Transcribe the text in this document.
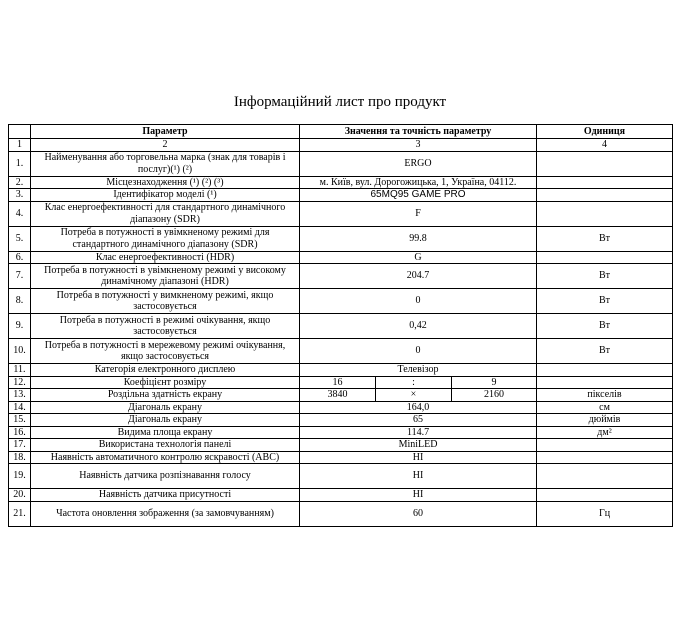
Інформаційний лист про продукт
	Параметр	Значення та точність параметру			Одиниця
1	2	3			4
1.	Найменування або торговельна марка (знак для товарів і послуг)(¹) (²)	ERGO			
2.	Місцезнаходження (¹) (²) (³)	м. Київ, вул. Дорогожицька, 1, Україна, 04112.			
3.	Ідентифікатор моделі (¹)	65MQ95 GAME PRO			
4.	Клас енергоефективності для стандартного динамічного діапазону (SDR)	F			
5.	Потреба в потужності в увімкненому режимі для стандартного динамічного діапазону (SDR)	99.8			Вт
6.	Клас енергоефективності (HDR)	G			
7.	Потреба в потужності в увімкненому режимі у високому динамічному діапазоні (HDR)	204.7			Вт
8.	Потреба в потужності у вимкненому режимі, якщо застосовується	0			Вт
9.	Потреба в потужності в режимі очікування, якщо застосовується	0,42			Вт
10.	Потреба в потужності в мережевому режимі очікування, якщо застосовується	0			Вт
11.	Категорія електронного дисплею	Телевізор			
12.	Коефіцієнт розміру	16	:	9	
13.	Роздільна здатність екрану	3840	×	2160	пікселів
14.	Діагональ екрану	164,0			см
15.	Діагональ екрану	65			дюймів
16.	Видима площа екрану	114.7			дм²
17.	Використана технологія панелі	MiniLED			
18.	Наявність автоматичного контролю яскравості (ABC)	НІ			
19.	Наявність датчика розпізнавання голосу	НІ			
20.	Наявність датчика присутності	НІ			
21.	Частота оновлення зображення (за замовчуванням)	60			Гц
